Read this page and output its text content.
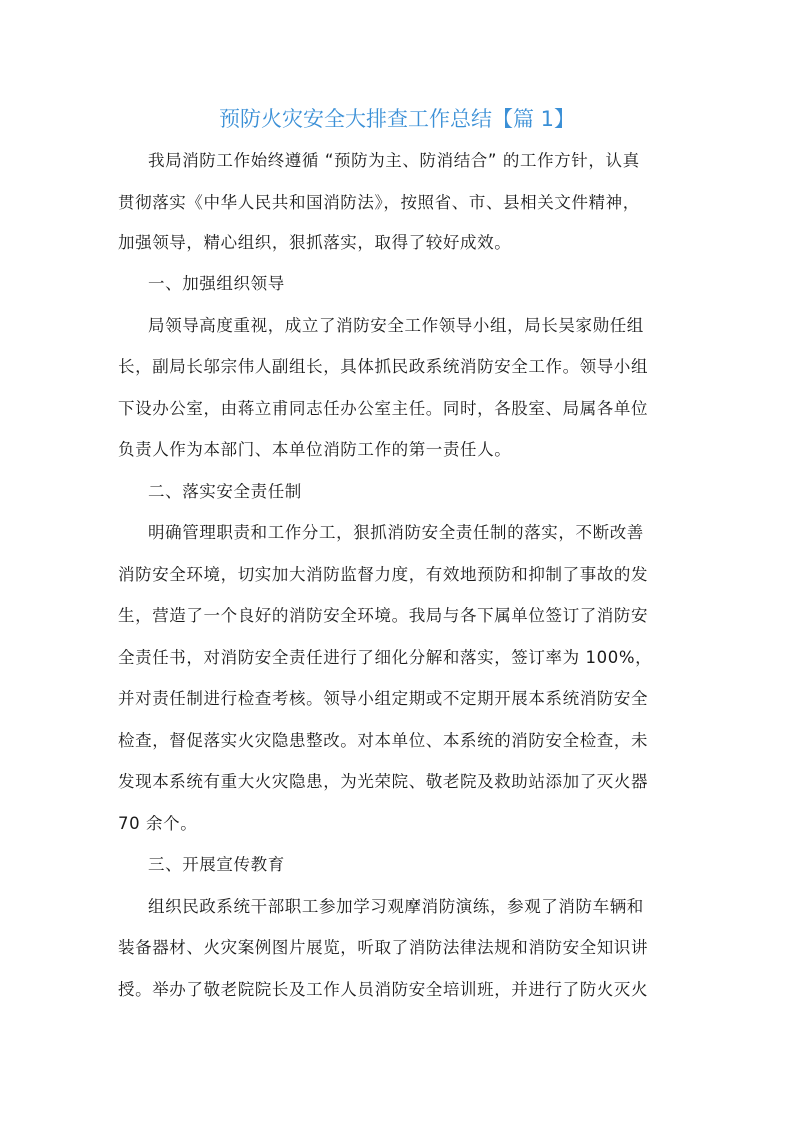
预防火灾安全大排查工作总结【篇 1】
我局消防工作始终遵循 “预防为主、防消结合” 的工作方针，认真
贯彻落实《中华人民共和国消防法》，按照省、市、县相关文件精神，
加强领导，精心组织，狠抓落实，取得了较好成效。
一、加强组织领导
局领导高度重视，成立了消防安全工作领导小组，局长吴家勋任组
长，副局长邬宗伟人副组长，具体抓民政系统消防安全工作。领导小组
下设办公室，由蒋立甫同志任办公室主任。同时，各股室、局属各单位
负责人作为本部门、本单位消防工作的第一责任人。
二、落实安全责任制
明确管理职责和工作分工，狠抓消防安全责任制的落实，不断改善
消防安全环境，切实加大消防监督力度，有效地预防和抑制了事故的发
生，营造了一个良好的消防安全环境。我局与各下属单位签订了消防安
全责任书，对消防安全责任进行了细化分解和落实，签订率为 100%，
并对责任制进行检查考核。领导小组定期或不定期开展本系统消防安全
检查，督促落实火灾隐患整改。对本单位、本系统的消防安全检查，未
发现本系统有重大火灾隐患，为光荣院、敬老院及救助站添加了灭火器
70 余个。
三、开展宣传教育
组织民政系统干部职工参加学习观摩消防演练，参观了消防车辆和
装备器材、火灾案例图片展览，听取了消防法律法规和消防安全知识讲
授。举办了敬老院院长及工作人员消防安全培训班，并进行了防火灭火
